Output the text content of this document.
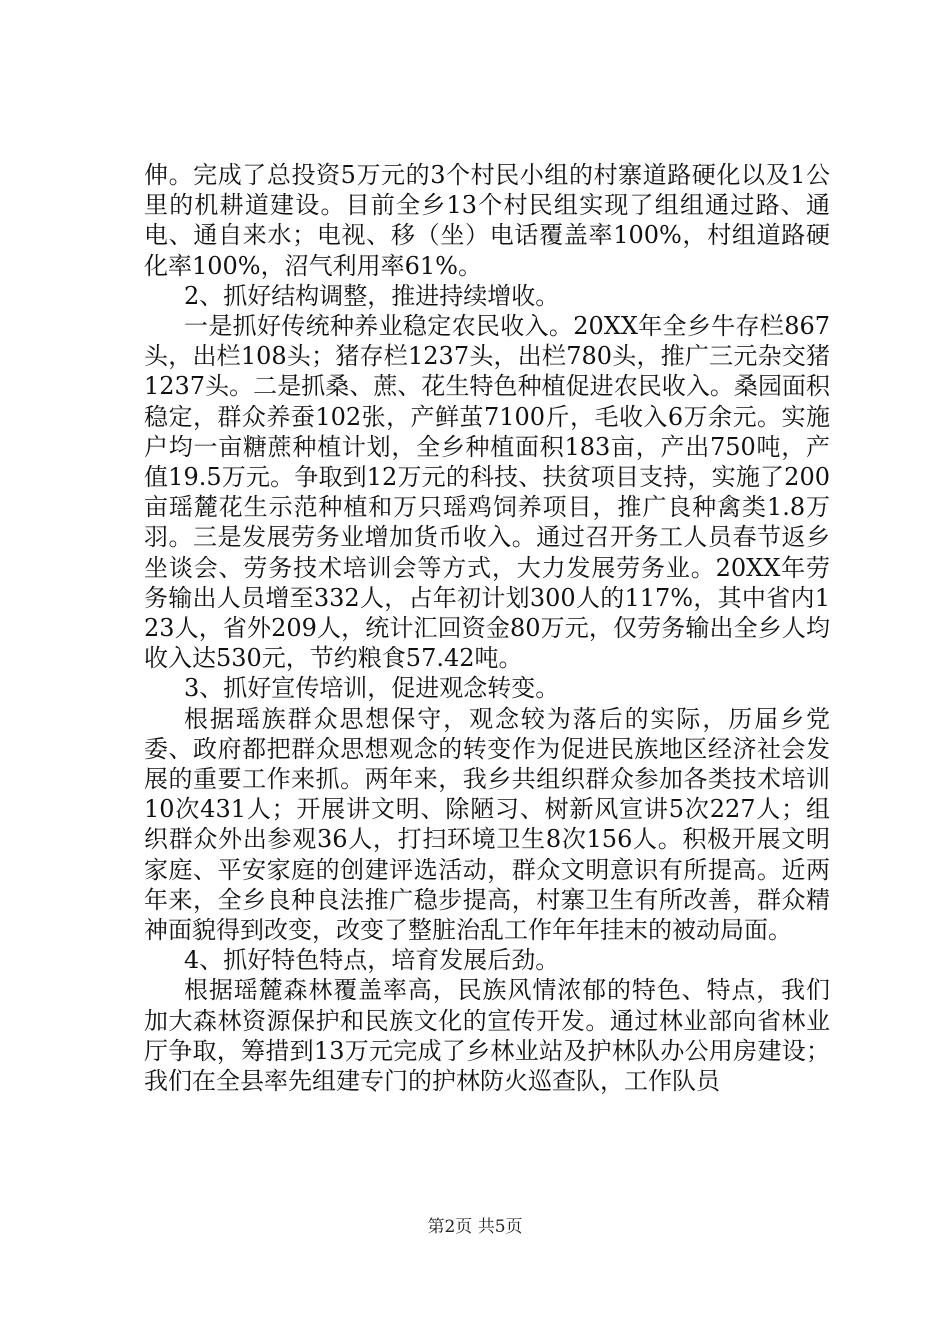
伸。完成了总投资5万元的3个村民小组的村寨道路硬化以及1公里的机耕道建设。目前全乡13个村民组实现了组组通过路、通电、通自来水；电视、移（坐）电话覆盖率100%，村组道路硬化率100%，沼气利用率61%。

2、抓好结构调整，推进持续增收。

一是抓好传统种养业稳定农民收入。20XX年全乡牛存栏867头，出栏108头；猪存栏1237头，出栏780头，推广三元杂交猪1237头。二是抓桑、蔗、花生特色种植促进农民收入。桑园面积稳定，群众养蚕102张，产鲜茧7100斤，毛收入6万余元。实施户均一亩糖蔗种植计划，全乡种植面积183亩，产出750吨，产值19.5万元。争取到12万元的科技、扶贫项目支持，实施了200亩瑶麓花生示范种植和万只瑶鸡饲养项目，推广良种禽类1.8万羽。三是发展劳务业增加货币收入。通过召开务工人员春节返乡坐谈会、劳务技术培训会等方式，大力发展劳务业。20XX年劳务输出人员增至332人，占年初计划300人的117%，其中省内123人，省外209人，统计汇回资金80万元，仅劳务输出全乡人均收入达530元，节约粮食57.42吨。

3、抓好宣传培训，促进观念转变。

根据瑶族群众思想保守，观念较为落后的实际，历届乡党委、政府都把群众思想观念的转变作为促进民族地区经济社会发展的重要工作来抓。两年来，我乡共组织群众参加各类技术培训10次431人；开展讲文明、除陋习、树新风宣讲5次227人；组织群众外出参观36人，打扫环境卫生8次156人。积极开展文明家庭、平安家庭的创建评选活动，群众文明意识有所提高。近两年来，全乡良种良法推广稳步提高，村寨卫生有所改善，群众精神面貌得到改变，改变了整脏治乱工作年年挂末的被动局面。

4、抓好特色特点，培育发展后劲。

根据瑶麓森林覆盖率高，民族风情浓郁的特色、特点，我们加大森林资源保护和民族文化的宣传开发。通过林业部向省林业厅争取，筹措到13万元完成了乡林业站及护林队办公用房建设；我们在全县率先组建专门的护林防火巡查队，工作队员

第2页 共5页
